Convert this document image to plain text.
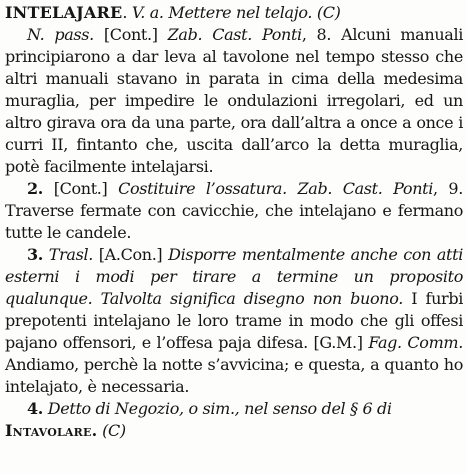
INTELAJARE. V. a. Mettere nel telajo. (C)

N. pass. [Cont.] Zab. Cast. Ponti, 8. Alcuni manuali principiarono a dar leva al tavolone nel tempo stesso che altri manuali stavano in parata in cima della medesima muraglia, per impedire le ondulazioni irregolari, ed un altro girava ora da una parte, ora dall’altra a once a once i curri II, fintanto che, uscita dall’arco la detta muraglia, potè facilmente intelajarsi.

2. [Cont.] Costituire l’ossatura. Zab. Cast. Ponti, 9. Traverse fermate con cavicchie, che intelajano e fermano tutte le candele.

3. Trasl. [A.Con.] Disporre mentalmente anche con atti esterni i modi per tirare a termine un proposito qualunque. Talvolta significa disegno non buono. I furbi prepotenti intelajano le loro trame in modo che gli offesi pajano offensori, e l’offesa paja difesa. [G.M.] Fag. Comm. Andiamo, perchè la notte s’avvicina; e questa, a quanto ho intelajato, è necessaria.

4. Detto di Negozio, o sim., nel senso del § 6 di

Intavolare. (C)
